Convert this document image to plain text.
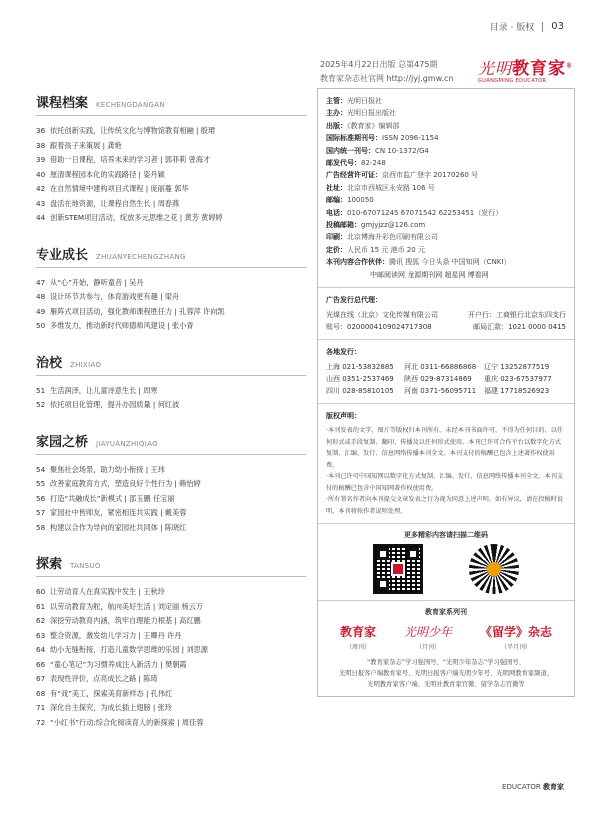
目录 · 版权 03
2025年4月22日出版 总第475期
教育家杂志社官网 http://jyj.gmw.cn
光明教育家®
GUANGMING EDUCATOR
课程档案 KECHENGDANGAN
36 依托创新实践，让传统文化与博物馆教育相融 | 殷珺
38 跟着孩子来策展 | 龚艳
39 借助一日课程，培养未来的学习者 | 郭菲莉 曾海才
40 厘清课程园本化的实践路径 | 姿丹颖
42 在自然情境中建构项目式课程 | 庞丽蔓 郭华
43 盘活在地资源，让课程自然生长 | 周春燕
44 创新STEM项目活动，绽放多元思维之花 | 黄芳 黄婷婷
专业成长 ZHUANYECHENGZHANG
47 从“心”开始，静听童音 | 吴丹
48 设计环节共参与，体育游戏更有趣 | 梁舟
49 雁阵式项目活动，强化教师课程胜任力 | 孔蓉萍 许向凯
50 多维发力，推动新时代师德师风建设 | 张小青
治校 ZHIXIAO
51 生活润泽，让儿童诗意生长 | 周寒
52 依托项目化管理，提升办园质量 | 何红波
家园之桥 JIAYUANZHIQIAO
54 聚焦社会场景，助力幼小衔接 | 王玮
55 改善家庭教育方式，塑造良好个性行为 | 赖怡婷
56 打造“共融成长”新模式 | 邵玉鹏 任宝丽
57 家园社中皆师友，紧密相连共实践 | 戴美蓉
58 构建以合作为导向的家园社共同体 | 陈晓红
探索 TANSUO
60 让劳动育人在真实践中发生 | 王秋玲
61 以劳动教育为舵，航向美好生活 | 刘定丽 杨云万
62 深挖劳动教育内涵，筑牢自理能力根基 | 高红鹏
63 整合资源，激发幼儿学习力 | 王卿丹 许丹
64 幼小无缝衔接，打造儿童数学思维的乐园 | 刘思源
66 “童心笔记”为习惯养成注入新活力 | 樊朝霞
67 表现性评价，点亮成长之路 | 陈琦
68 有“戏”美工，探索美育新样态 | 孔伟红
71 深化自主探究，为成长插上翅膀 | 张玲
72 “小红书”行动:综合化阅读育人的新探索 | 周佳蓉
主管：光明日报社
主办：光明日报出版社
出版：《教育家》编辑部
国际标准期刊号：ISSN 2096-1154
国内统一刊号：CN 10-1372/G4
邮发代号：82-248
广告经营许可证：京西市监广登字 20170260 号
社址：北京市西城区永安路 106 号
邮编：100050
电话：010-67071245 67071542 62253451（发行）
投稿邮箱：gmjyjzz@126.com
印刷：北京博海升彩色印刷有限公司
定价：人民币 15 元 港币 20 元
本刊内容合作伙伴：腾讯 搜狐 今日头条 中国知网（CNKI）
中邮阅读网 龙源期刊网 超星网 博看网
广告发行总代理：
光煤在线（北京）文化传媒有限公司	开户行：工商银行北京东四支行
账号：0200004109024717308	邮局汇款：1021 0000 0415
各地发行：
上海 021-53832885	河北 0311-66886868	辽宁 13252877519
山西 0351-2537469	陕西 029-87314869	重庆 023-67537977
四川 028-85810105	河南 0371-56095711	福建 17718526923
版权声明：

·本刊发表的文字、图片等版权归本刊所有。未经本刊书面许可，不得为任何目的、以任何形式或手段复制、翻印、传播及以任何形式使用。本刊已许可合作平台以数字化方式复制、汇编、发行、信息网络传播本刊全文。本刊支付的稿酬已包含上述著作权使用费。

·本刊已许可中国知网以数字化方式复制、汇编、发行、信息网络传播本刊全文。本刊支付的稿酬已包含中国知网著作权使用费。

·所有署名作者向本刊提交文章发表之行为视为同意上述声明。如有异议，请在投稿时说明，本刊将按作者说明处理。

更多精彩内容请扫描二维码
教育家系列刊
教育家
（周刊）
光明少年
（月刊）
《留学》杂志
（半月刊）
“教育家杂志”学习强国号、“光明少年杂志”学习强国号、
光明日报客户端教育家号、光明日报客户端光明少年号、光明网教育家频道、
光明教育家客户端、光明社教育家官微、留学杂志官微等
EDUCATOR 教育家
